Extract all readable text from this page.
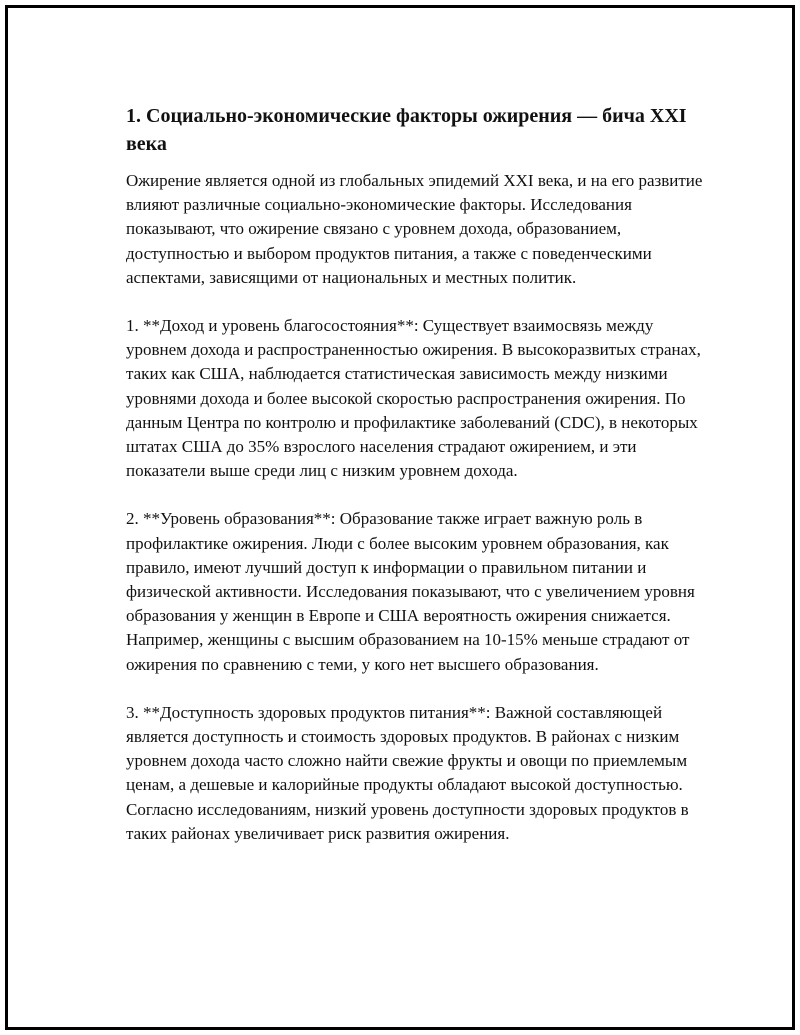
1. Социально-экономические факторы ожирения — бича XXI века

Ожирение является одной из глобальных эпидемий XXI века, и на его развитие влияют различные социально-экономические факторы. Исследования показывают, что ожирение связано с уровнем дохода, образованием, доступностью и выбором продуктов питания, а также с поведенческими аспектами, зависящими от национальных и местных политик.

1. **Доход и уровень благосостояния**: Существует взаимосвязь между уровнем дохода и распространенностью ожирения. В высокоразвитых странах, таких как США, наблюдается статистическая зависимость между низкими уровнями дохода и более высокой скоростью распространения ожирения. По данным Центра по контролю и профилактике заболеваний (CDC), в некоторых штатах США до 35% взрослого населения страдают ожирением, и эти показатели выше среди лиц с низким уровнем дохода.

2. **Уровень образования**: Образование также играет важную роль в профилактике ожирения. Люди с более высоким уровнем образования, как правило, имеют лучший доступ к информации о правильном питании и физической активности. Исследования показывают, что с увеличением уровня образования у женщин в Европе и США вероятность ожирения снижается. Например, женщины с высшим образованием на 10-15% меньше страдают от ожирения по сравнению с теми, у кого нет высшего образования.

3. **Доступность здоровых продуктов питания**: Важной составляющей является доступность и стоимость здоровых продуктов. В районах с низким уровнем дохода часто сложно найти свежие фрукты и овощи по приемлемым ценам, а дешевые и калорийные продукты обладают высокой доступностью. Согласно исследованиям, низкий уровень доступности здоровых продуктов в таких районах увеличивает риск развития ожирения.
